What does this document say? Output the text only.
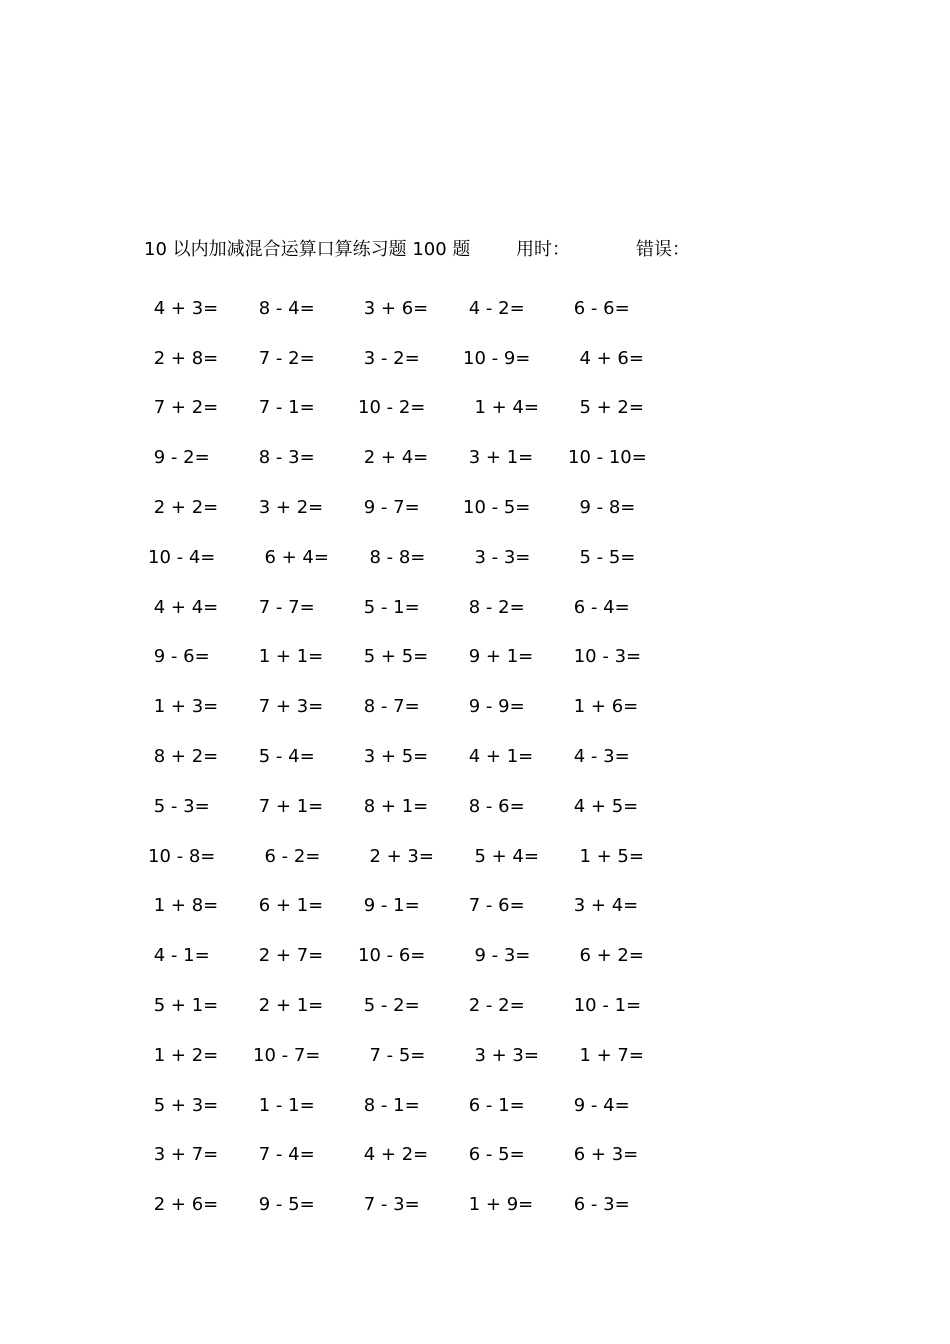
10 以内加减混合运算口算练习题 100 题	用时：	错误：
4 + 3=	8 - 4=	3 + 6=	4 - 2=	6 - 6=
2 + 8=	7 - 2=	3 - 2=	10 - 9=	4 + 6=
7 + 2=	7 - 1=	10 - 2=	1 + 4=	5 + 2=
9 - 2=	8 - 3=	2 + 4=	3 + 1=	10 - 10=
2 + 2=	3 + 2=	9 - 7=	10 - 5=	9 - 8=
10 - 4=	6 + 4=	8 - 8=	3 - 3=	5 - 5=
4 + 4=	7 - 7=	5 - 1=	8 - 2=	6 - 4=
9 - 6=	1 + 1=	5 + 5=	9 + 1=	10 - 3=
1 + 3=	7 + 3=	8 - 7=	9 - 9=	1 + 6=
8 + 2=	5 - 4=	3 + 5=	4 + 1=	4 - 3=
5 - 3=	7 + 1=	8 + 1=	8 - 6=	4 + 5=
10 - 8=	6 - 2=	2 + 3=	5 + 4=	1 + 5=
1 + 8=	6 + 1=	9 - 1=	7 - 6=	3 + 4=
4 - 1=	2 + 7=	10 - 6=	9 - 3=	6 + 2=
5 + 1=	2 + 1=	5 - 2=	2 - 2=	10 - 1=
1 + 2=	10 - 7=	7 - 5=	3 + 3=	1 + 7=
5 + 3=	1 - 1=	8 - 1=	6 - 1=	9 - 4=
3 + 7=	7 - 4=	4 + 2=	6 - 5=	6 + 3=
2 + 6=	9 - 5=	7 - 3=	1 + 9=	6 - 3=
